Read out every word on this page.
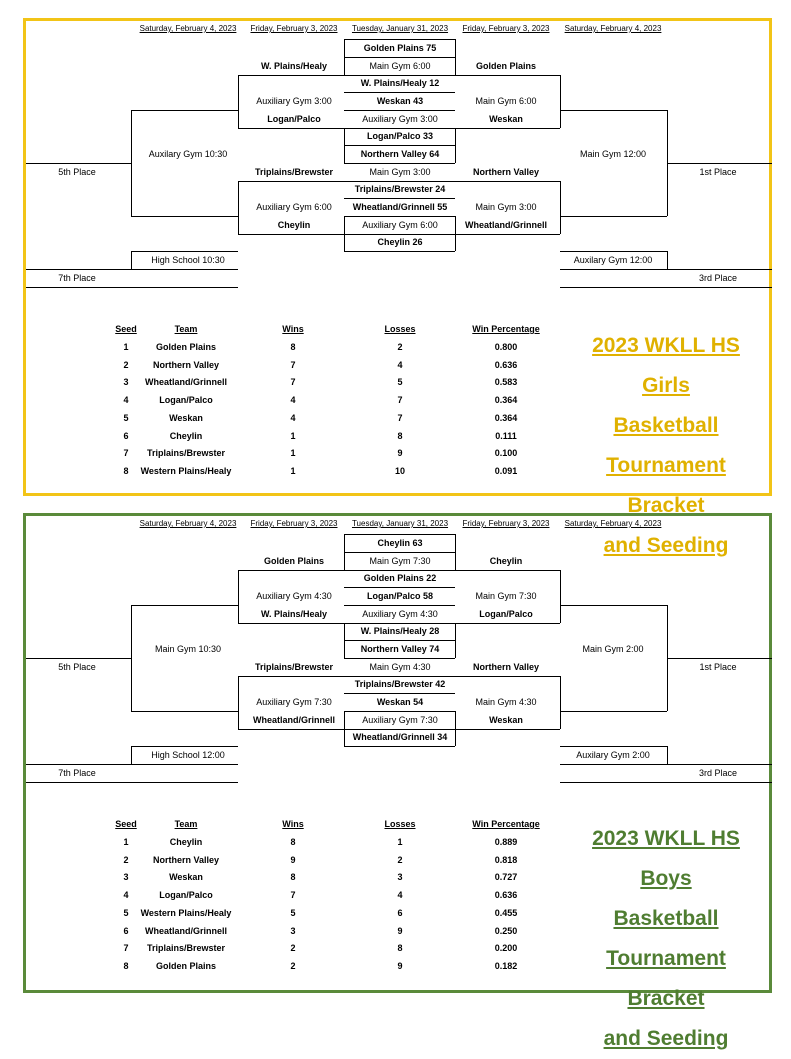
Saturday, February 4, 2023 Friday, February 3, 2023 Tuesday, January 31, 2023 Friday, February 3, 2023 Saturday, February 4, 2023
Golden Plains 75
Main Gym 6:00
W. Plains/Healy 12
Weskan 43
Auxiliary Gym 3:00
Logan/Palco 33
Northern Valley 64
Main Gym 3:00
Triplains/Brewster 24
Wheatland/Grinnell 55
Auxiliary Gym 6:00
Cheylin 26
W. Plains/Healy
Auxiliary Gym 3:00
Logan/Palco
Triplains/Brewster
Auxiliary Gym 6:00
Cheylin
Golden Plains
Main Gym 6:00
Weskan
Northern Valley
Main Gym 3:00
Wheatland/Grinnell
Auxilary Gym 10:30	Main Gym 12:00
5th Place	1st Place
High School 10:30	Auxilary Gym 12:00
7th Place	3rd Place
Seed	Team	Wins	Losses	Win Percentage
1	Golden Plains	8	2	0.800
2	Northern Valley	7	4	0.636
3 Wheatland/Grinnell	7	5	0.583
4	Logan/Palco	4	7	0.364
5	Weskan	4	7	0.364
6	Cheylin	1	8	0.111
7 Triplains/Brewster	1	9	0.100
8 Western Plains/Healy	1	10	0.091
2023 WKLL HS Girls
Basketball
Tournament Bracket
and Seeding
Saturday, February 4, 2023 Friday, February 3, 2023 Tuesday, January 31, 2023 Friday, February 3, 2023 Saturday, February 4, 2023
Cheylin 63
Main Gym 7:30
Golden Plains 22
Logan/Palco 58
Auxiliary Gym 4:30
W. Plains/Healy 28
Northern Valley 74
Main Gym 4:30
Triplains/Brewster 42
Weskan 54
Auxiliary Gym 7:30
Wheatland/Grinnell 34
Golden Plains
Auxiliary Gym 4:30
W. Plains/Healy
Triplains/Brewster
Auxiliary Gym 7:30
Wheatland/Grinnell
Cheylin
Main Gym 7:30
Logan/Palco
Northern Valley
Main Gym 4:30
Weskan
Main Gym 10:30	Main Gym 2:00
5th Place	1st Place
High School 12:00	Auxilary Gym 2:00
7th Place	3rd Place
Seed	Team	Wins	Losses	Win Percentage
1	Cheylin	8	1	0.889
2	Northern Valley	9	2	0.818
3	Weskan	8	3	0.727
4	Logan/Palco	7	4	0.636
5 Western Plains/Healy	5	6	0.455
6 Wheatland/Grinnell	3	9	0.250
7 Triplains/Brewster	2	8	0.200
8	Golden Plains	2	9	0.182
2023 WKLL HS Boys
Basketball
Tournament Bracket
and Seeding
